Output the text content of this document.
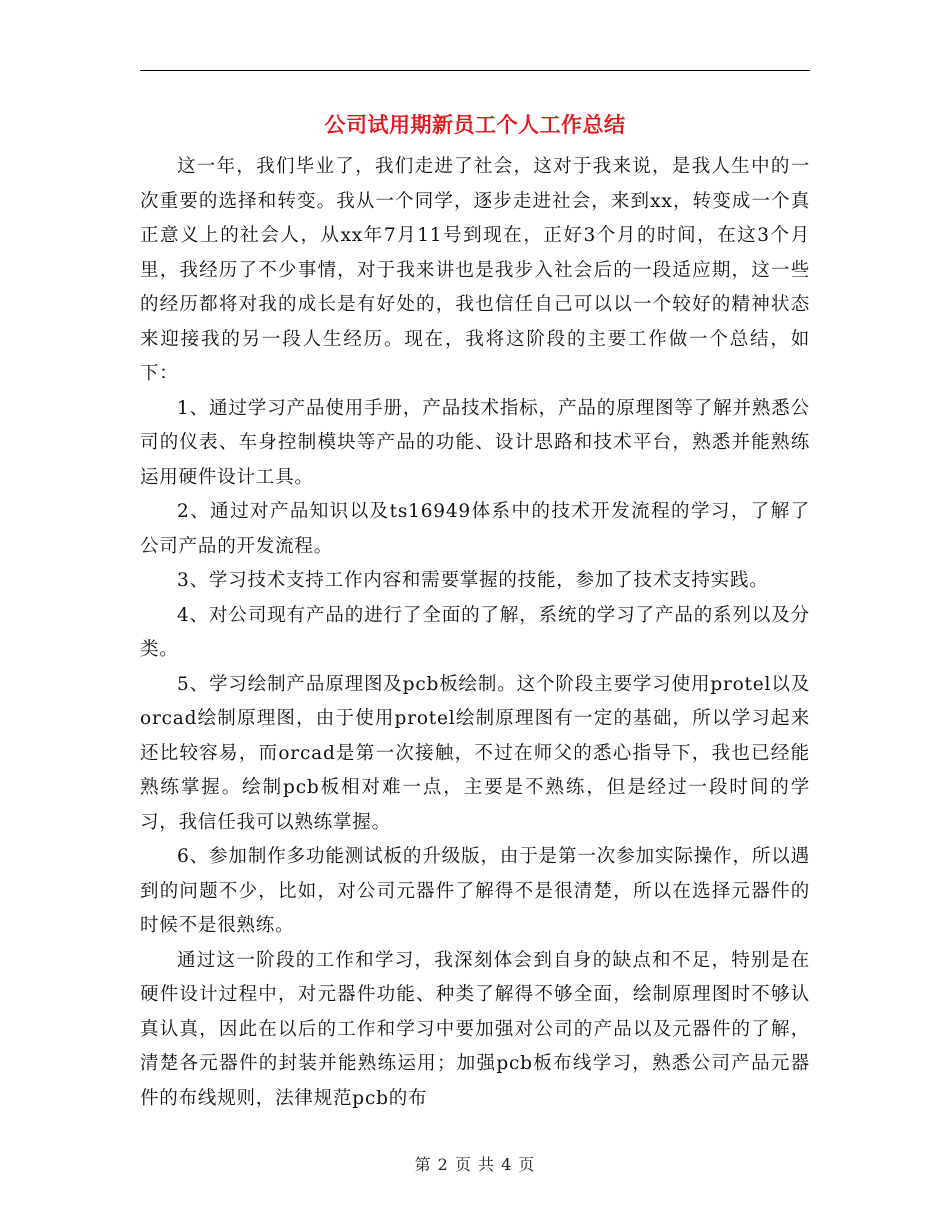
公司试用期新员工个人工作总结

这一年，我们毕业了，我们走进了社会，这对于我来说，是我人生中的一次重要的选择和转变。我从一个同学，逐步走进社会，来到xx，转变成一个真正意义上的社会人，从xx年7月11号到现在，正好3个月的时间，在这3个月里，我经历了不少事情，对于我来讲也是我步入社会后的一段适应期，这一些的经历都将对我的成长是有好处的，我也信任自己可以以一个较好的精神状态来迎接我的另一段人生经历。现在，我将这阶段的主要工作做一个总结，如下：

1、通过学习产品使用手册，产品技术指标，产品的原理图等了解并熟悉公司的仪表、车身控制模块等产品的功能、设计思路和技术平台，熟悉并能熟练运用硬件设计工具。

2、通过对产品知识以及ts16949体系中的技术开发流程的学习，了解了公司产品的开发流程。

3、学习技术支持工作内容和需要掌握的技能，参加了技术支持实践。

4、对公司现有产品的进行了全面的了解，系统的学习了产品的系列以及分类。

5、学习绘制产品原理图及pcb板绘制。这个阶段主要学习使用protel以及orcad绘制原理图，由于使用protel绘制原理图有一定的基础，所以学习起来还比较容易，而orcad是第一次接触，不过在师父的悉心指导下，我也已经能熟练掌握。绘制pcb板相对难一点，主要是不熟练，但是经过一段时间的学习，我信任我可以熟练掌握。

6、参加制作多功能测试板的升级版，由于是第一次参加实际操作，所以遇到的问题不少，比如，对公司元器件了解得不是很清楚，所以在选择元器件的时候不是很熟练。

通过这一阶段的工作和学习，我深刻体会到自身的缺点和不足，特别是在硬件设计过程中，对元器件功能、种类了解得不够全面，绘制原理图时不够认真认真，因此在以后的工作和学习中要加强对公司的产品以及元器件的了解，清楚各元器件的封装并能熟练运用；加强pcb板布线学习，熟悉公司产品元器件的布线规则，法律规范pcb的布

第 2 页 共 4 页
